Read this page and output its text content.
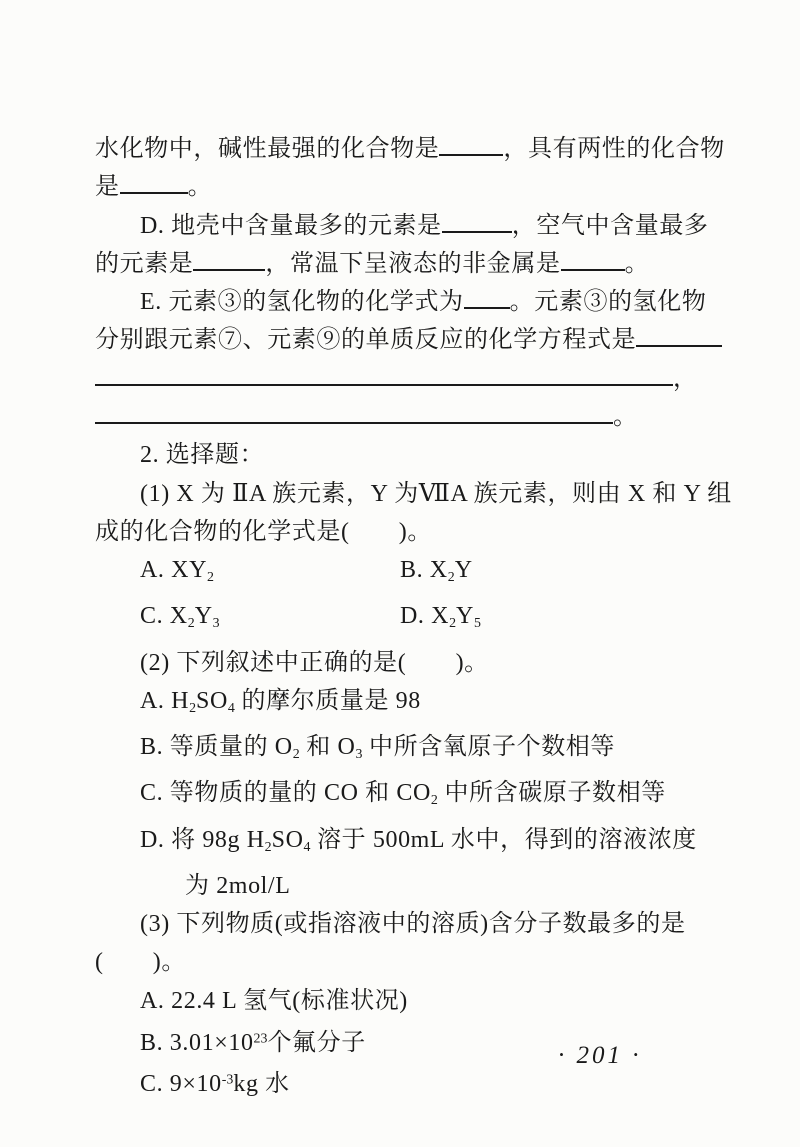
水化物中，碱性最强的化合物是	，具有两性的化合物
是	。
D. 地壳中含量最多的元素是	，空气中含量最多
的元素是	，常温下呈液态的非金属是	。
E. 元素③的氢化物的化学式为 。元素③的氢化物
分别跟元素⑦、元素⑨的单质反应的化学方程式是
，
。
2. 选择题：
(1) X 为 ⅡA 族元素，Y 为ⅦA 族元素，则由 X 和 Y 组
成的化合物的化学式是(　　)。
A. $XY_2$	B. $X_2Y$
C. $X_2Y_3$	D. $X_2Y_5$
(2) 下列叙述中正确的是(　　)。
A. $H_2SO_4$ 的摩尔质量是 98
B. 等质量的 $O_2$ 和 $O_3$ 中所含氧原子个数相等
C. 等物质的量的 CO 和 $CO_2$ 中所含碳原子数相等
D. 将 98g $H_2SO_4$ 溶于 500mL 水中，得到的溶液浓度
为 2mol/L
(3) 下列物质(或指溶液中的溶质)含分子数最多的是
(　　)。
A. 22.4 L 氢气(标准状况)
B. $3.01\times 10^{23}$个氟分子
C. $9\times 10^{-3}kg$ 水
· 201 ·
